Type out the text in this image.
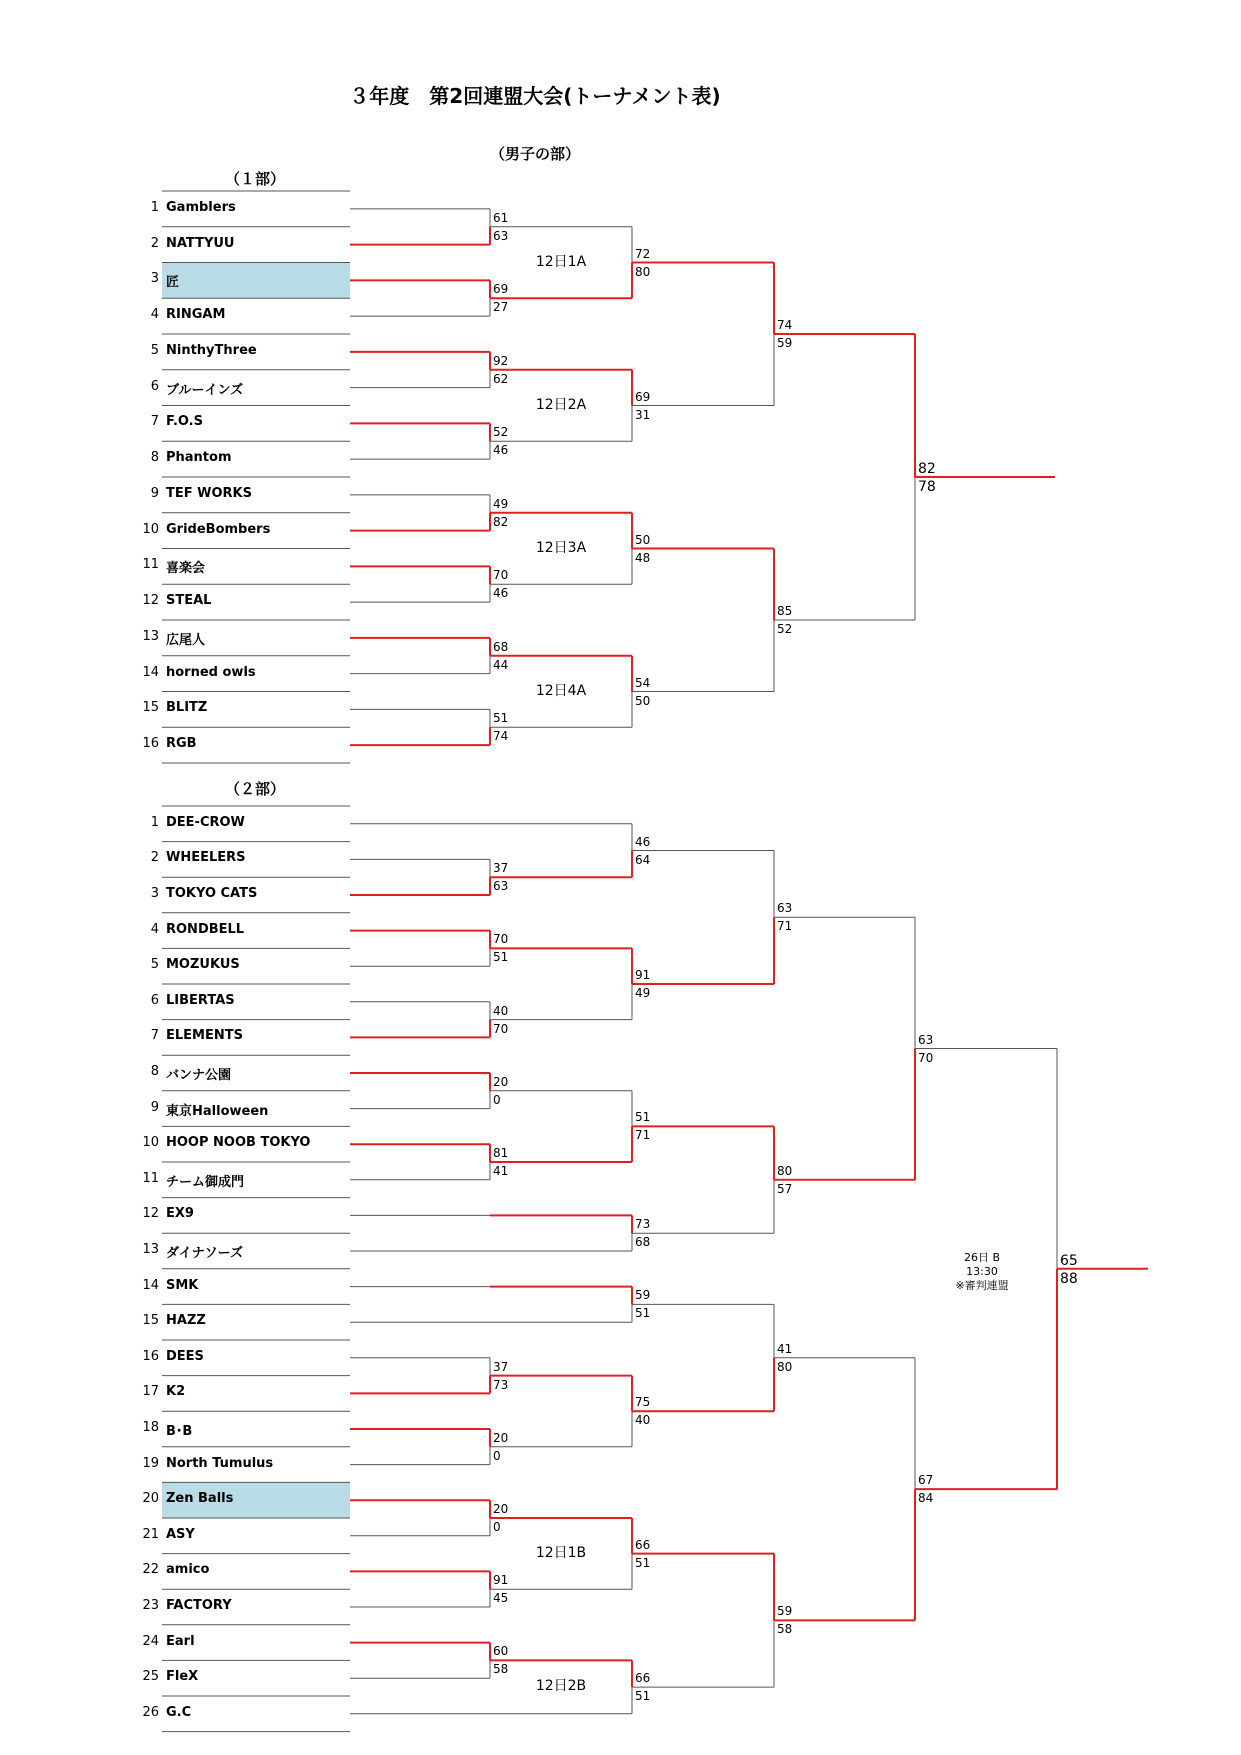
３年度　第2回連盟大会(トーナメント表)
（男子の部）
（１部）
（２部）
1 Gamblers
2 NATTYUU
3 匠
4 RINGAM
5 NinthyThree
6 ブルーインズ
7 F.O.S
8 Phantom
9 TEF WORKS
10 GrideBombers
11 喜楽会
12 STEAL
13 広尾人
14 horned owls
15 BLITZ
16 RGB
1 DEE-CROW
2 WHEELERS
3 TOKYO CATS
4 RONDBELL
5 MOZUKUS
6 LIBERTAS
7 ELEMENTS
8 バンナ公園
9 東京Halloween
10 HOOP NOOB TOKYO
11 チーム御成門
12 EX9
13 ダイナソーズ
14 SMK
15 HAZZ
16 DEES
17 K2
18 B･B
19 North Tumulus
20 Zen Balls
21 ASY
22 amico
23 FACTORY
24 Earl
25 FleX
26 G.C
61
63
69
27
92
62
52
46
49
82
70
46
68
44
51
74
72
80
12日1A
69
31
12日2A
50
48
12日3A
54
50
12日4A
74
59
85
52
82
78
37
63
70
51
40
70
20
0
81
41
37
73
20
0
20
0
91
45
60
58
46
64
91
49
51
71
73
68
59
51
75
40
66
51
12日1B
66
51
12日2B
63
71
80
57
41
80
59
58
63
70
67
84
65
88
26日 B
13:30
※審判連盟
